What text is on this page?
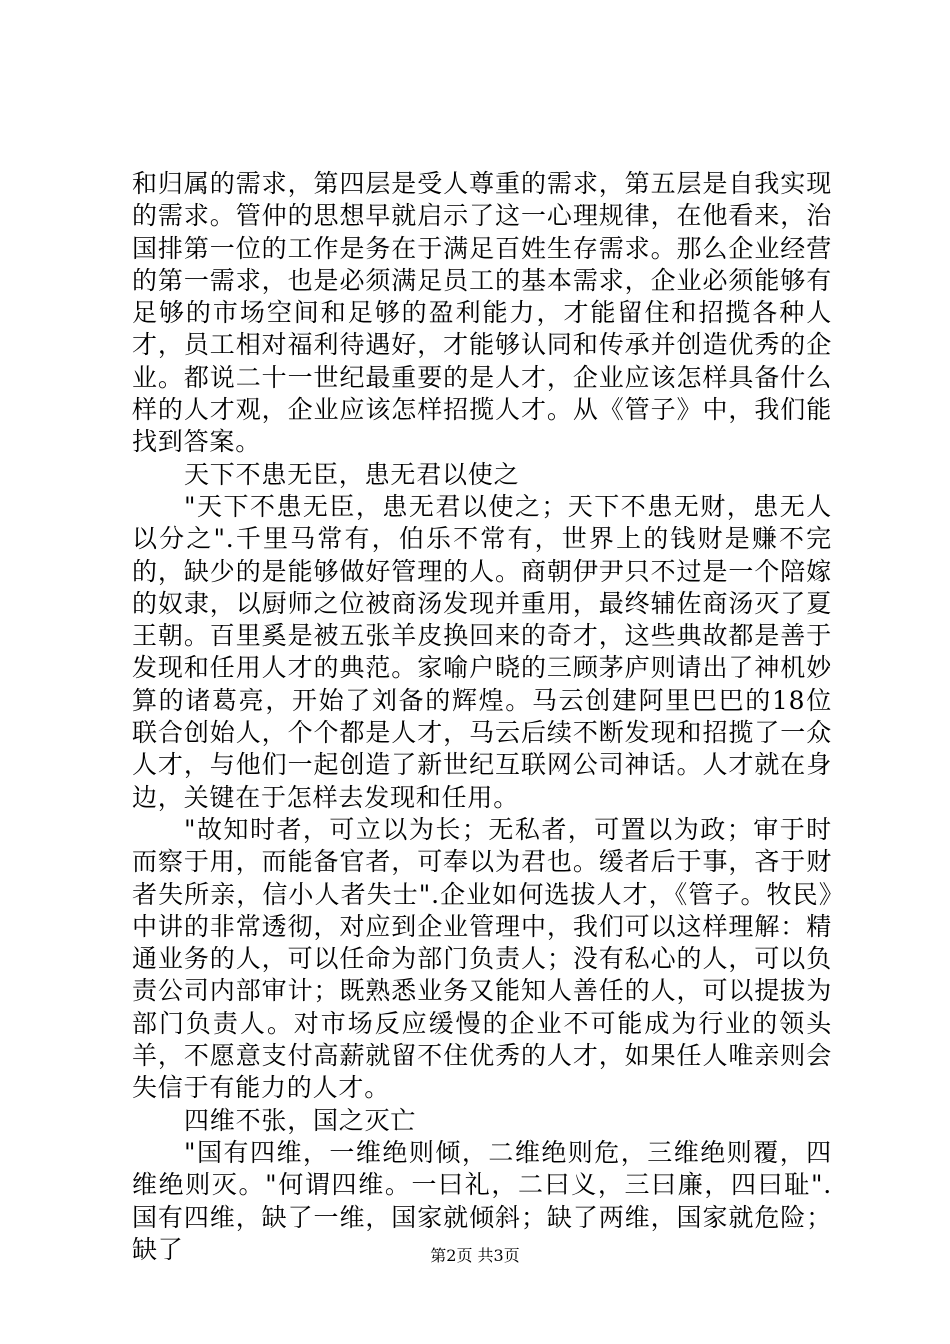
和归属的需求，第四层是受人尊重的需求，第五层是自我实现的需求。管仲的思想早就启示了这一心理规律，在他看来，治国排第一位的工作是务在于满足百姓生存需求。那么企业经营的第一需求，也是必须满足员工的基本需求，企业必须能够有足够的市场空间和足够的盈利能力，才能留住和招揽各种人才，员工相对福利待遇好，才能够认同和传承并创造优秀的企业。都说二十一世纪最重要的是人才，企业应该怎样具备什么样的人才观，企业应该怎样招揽人才。从《管子》中，我们能找到答案。

天下不患无臣，患无君以使之

"天下不患无臣，患无君以使之；天下不患无财，患无人以分之".千里马常有，伯乐不常有，世界上的钱财是赚不完的，缺少的是能够做好管理的人。商朝伊尹只不过是一个陪嫁的奴隶，以厨师之位被商汤发现并重用，最终辅佐商汤灭了夏王朝。百里奚是被五张羊皮换回来的奇才，这些典故都是善于发现和任用人才的典范。家喻户晓的三顾茅庐则请出了神机妙算的诸葛亮，开始了刘备的辉煌。马云创建阿里巴巴的18位联合创始人，个个都是人才，马云后续不断发现和招揽了一众人才，与他们一起创造了新世纪互联网公司神话。人才就在身边，关键在于怎样去发现和任用。

"故知时者，可立以为长；无私者，可置以为政；审于时而察于用，而能备官者，可奉以为君也。缓者后于事，吝于财者失所亲，信小人者失士".企业如何选拔人才，《管子。牧民》中讲的非常透彻，对应到企业管理中，我们可以这样理解：精通业务的人，可以任命为部门负责人；没有私心的人，可以负责公司内部审计；既熟悉业务又能知人善任的人，可以提拔为部门负责人。对市场反应缓慢的企业不可能成为行业的领头羊，不愿意支付高薪就留不住优秀的人才，如果任人唯亲则会失信于有能力的人才。

四维不张，国之灭亡

"国有四维，一维绝则倾，二维绝则危，三维绝则覆，四维绝则灭。"何谓四维。一曰礼，二曰义，三曰廉，四曰耻".国有四维，缺了一维，国家就倾斜；缺了两维，国家就危险；缺了	第2页 共3页
